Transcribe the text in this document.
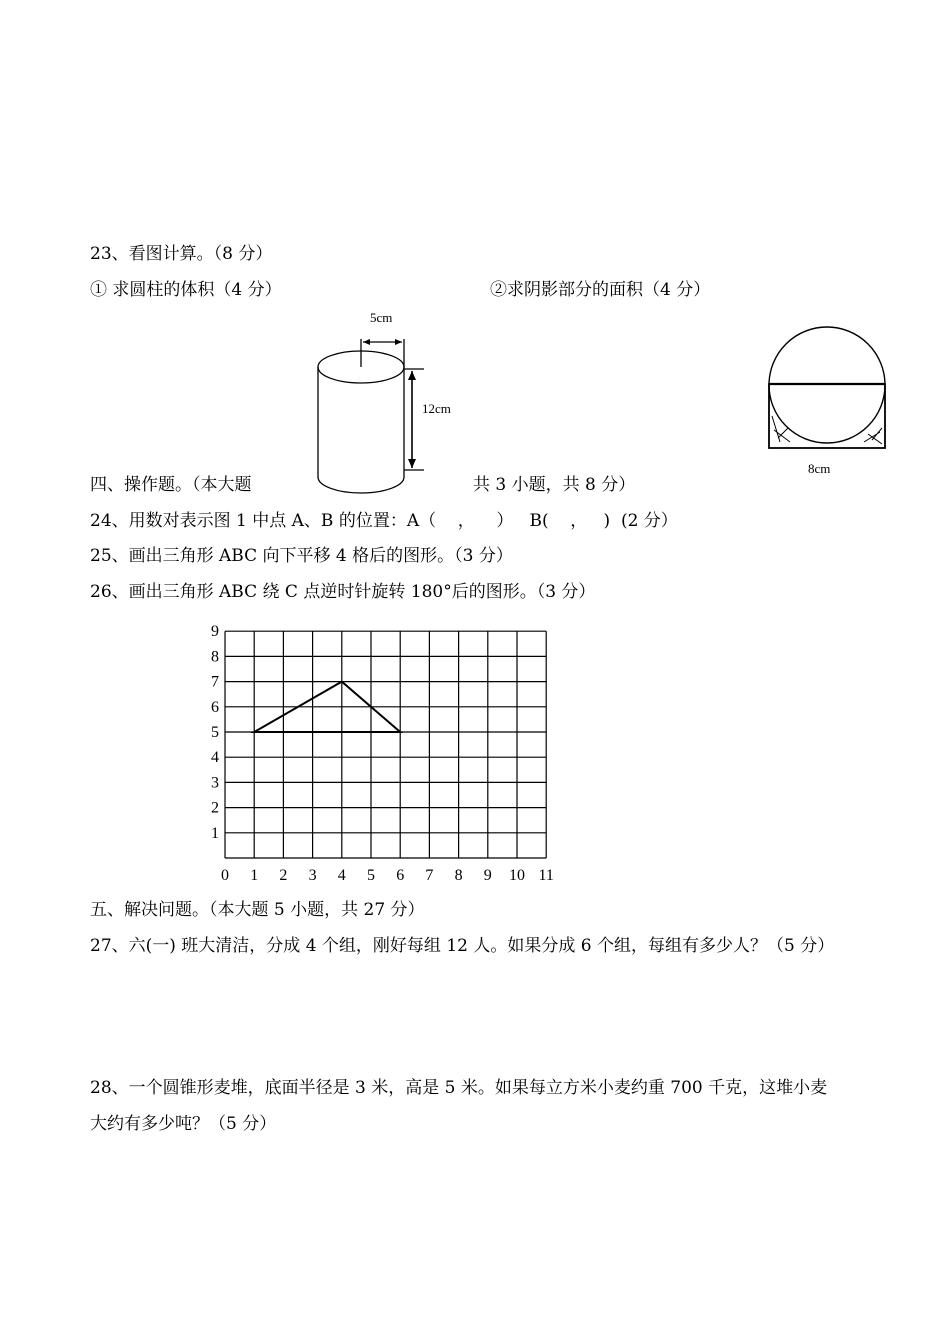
23、看图计算。（8 分）
① 求圆柱的体积（4 分）	②求阴影部分的面积（4 分）
5cm
12cm
8cm
四、操作题。（本大题	共 3 小题，共 8 分）
24、用数对表示图 1 中点 A、B 的位置：A（    ，    ）   B(    ，   )  (2 分）
25、画出三角形 ABC 向下平移 4 格后的图形。（3 分）
26、画出三角形 ABC 绕 C 点逆时针旋转 180°后的图形。（3 分）
0 1 2 3 4 5 6 7 8 9 10 11
1
2
3
4
5
6
7
8
9
五、解决问题。（本大题 5 小题，共 27 分）
27、六(一) 班大清洁，分成 4 个组，刚好每组 12 人。如果分成 6 个组，每组有多少人？（5 分）
28、一个圆锥形麦堆，底面半径是 3 米，高是 5 米。如果每立方米小麦约重 700 千克，这堆小麦
大约有多少吨？（5 分）
